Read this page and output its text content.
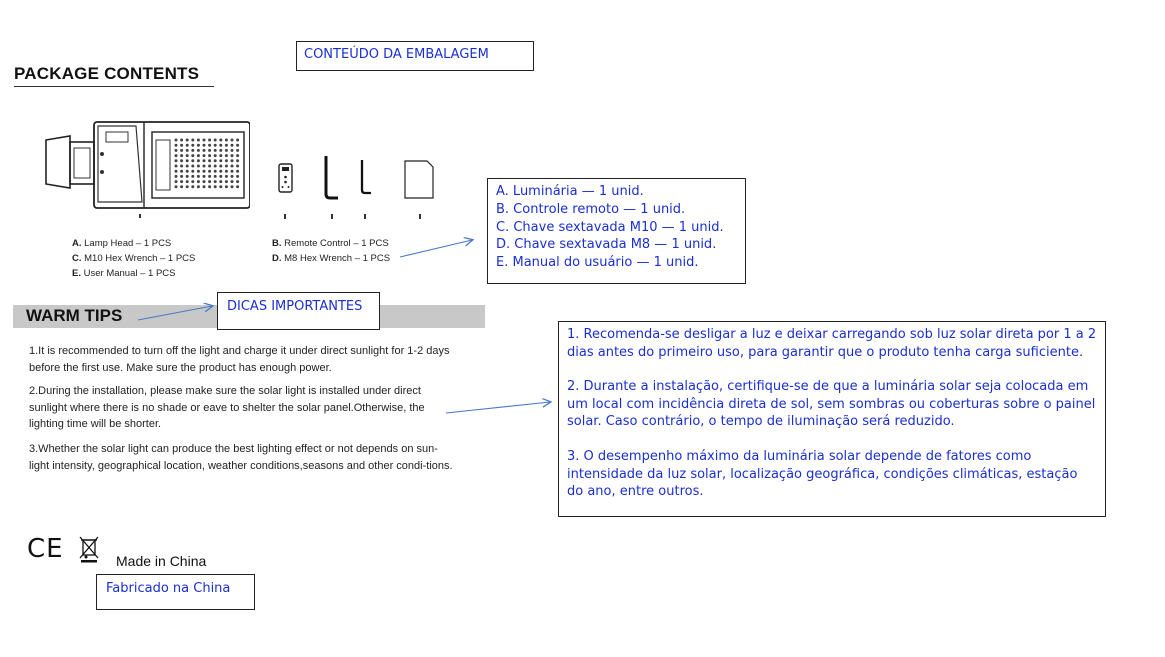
PACKAGE CONTENTS
CONTEÚDO DA EMBALAGEM
A. Lamp Head – 1 PCS	B. Remote Control – 1 PCS
C. M10 Hex Wrench – 1 PCS	D. M8 Hex Wrench – 1 PCS
E. User Manual – 1 PCS
A. Luminária — 1 unid.
B. Controle remoto — 1 unid.
C. Chave sextavada M10 — 1 unid.
D. Chave sextavada M8 — 1 unid.
E. Manual do usuário — 1 unid.
WARM TIPS	DICAS IMPORTANTES
1.It is recommended to turn off the light and charge it under direct sunlight for 1-2 days before the first use. Make sure the product has enough power.
2.During the installation, please make sure the solar light is installed under direct sunlight where there is no shade or eave to shelter the solar panel.Otherwise, the lighting time will be shorter.
3.Whether the solar light can produce the best lighting effect or not depends on sun-light intensity, geographical location, weather conditions,seasons and other condi-tions.
1. Recomenda-se desligar a luz e deixar carregando sob luz solar direta por 1 a 2 dias antes do primeiro uso, para garantir que o produto tenha carga suficiente.
2. Durante a instalação, certifique-se de que a luminária solar seja colocada em um local com incidência direta de sol, sem sombras ou coberturas sobre o painel solar. Caso contrário, o tempo de iluminação será reduzido.
3. O desempenho máximo da luminária solar depende de fatores como intensidade da luz solar, localização geográfica, condições climáticas, estação do ano, entre outros.
CE	Made in China
Fabricado na China
